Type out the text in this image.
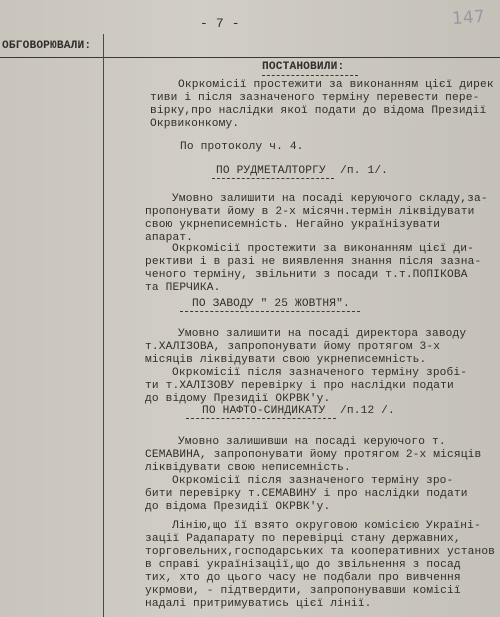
- 7 -	147
ОБГОВОРЮВАЛИ:
ПОСТАНОВИЛИ:
Окркомісії простежити за виконанням цієї дирек
тиви і після зазначеного терміну перевести пере-
вірку,про наслідки якої подати до відома Президії
Окрвиконкому.
По протоколу ч. 4.
ПО РУДМЕТАЛТОРГУ /п. 1/.
Умовно залишити на посаді керуючого складу,за-
пропонувати йому в 2-х місячн.термін ліквідувати
свою укрнеписемність. Негайно українізувати
апарат.
Окркомісії простежити за виконанням цієї ди-
рективи і в разі не виявлення знання після зазна-
ченого терміну, звільнити з посади т.т.ПОПІКОВА
та ПЕРЧИКА.
ПО ЗАВОДУ " 25 ЖОВТНЯ".
Умовно залишити на посаді директора заводу
т.ХАЛІЗОВА, запропонувати йому протягом 3-х
місяців ліквідувати свою укрнеписемність.
Окркомісії після зазначеного терміну зробі-
ти т.ХАЛІЗОВУ перевірку і про наслідки подати
до відому Президії ОКРВК'у.
ПО НАФТО-СИНДИКАТУ /п.12 /.
Умовно залишивши на посаді керуючого т.
СЕМАВИНА, запропонувати йому протягом 2-х місяців
ліквідувати свою неписемність.
Окркомісії після зазначеного терміну зро-
бити перевірку т.СЕМАВИНУ і про наслідки подати
до відома Президії ОКРВК'у.
Лінію,що її взято округовою комісією Українi-
зації Радапарату по перевірці стану державних,
торговельних,господарських та кооперативних установ
в справі українізації,що до звільнення з посад
тих, хто до цього часу не подбали про вивчення
укрмови, - підтвердити, запропонувавши комісії
надалі притримуватись цієї лінії.
